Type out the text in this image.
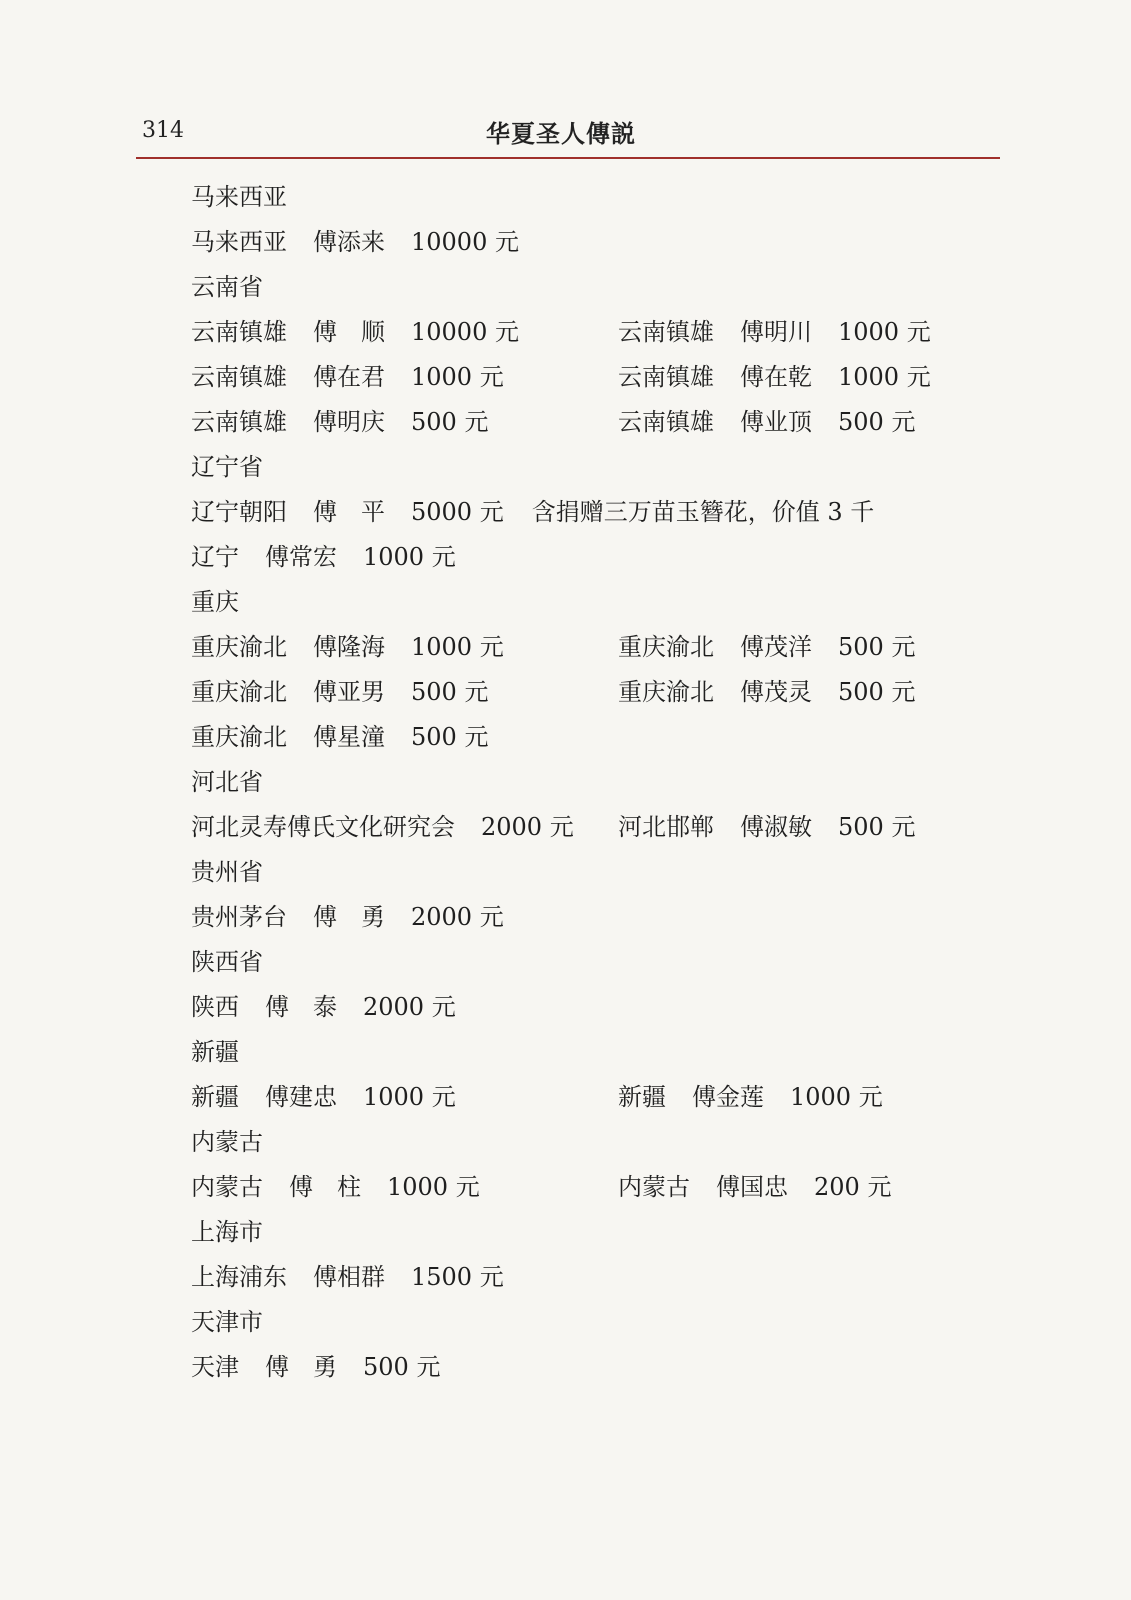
314	华夏圣人傳説
马来西亚
马来西亚 傅添来 10000 元
云南省
云南镇雄 傅　顺 10000 元	云南镇雄 傅明川 1000 元
云南镇雄 傅在君 1000 元	云南镇雄 傅在乾 1000 元
云南镇雄 傅明庆 500 元	云南镇雄 傅业顶 500 元
辽宁省
辽宁朝阳 傅　平 5000 元 含捐赠三万苗玉簪花，价值 3 千
辽宁 傅常宏 1000 元
重庆
重庆渝北 傅隆海 1000 元	重庆渝北 傅茂洋 500 元
重庆渝北 傅亚男 500 元	重庆渝北 傅茂灵 500 元
重庆渝北 傅星潼 500 元
河北省
河北灵寿傅氏文化研究会 2000 元 河北邯郸 傅淑敏 500 元
贵州省
贵州茅台 傅　勇 2000 元
陕西省
陕西 傅　泰 2000 元
新疆
新疆 傅建忠 1000 元	新疆 傅金莲 1000 元
内蒙古
内蒙古 傅　柱 1000 元	内蒙古 傅国忠 200 元
上海市
上海浦东 傅相群 1500 元
天津市
天津 傅　勇 500 元
